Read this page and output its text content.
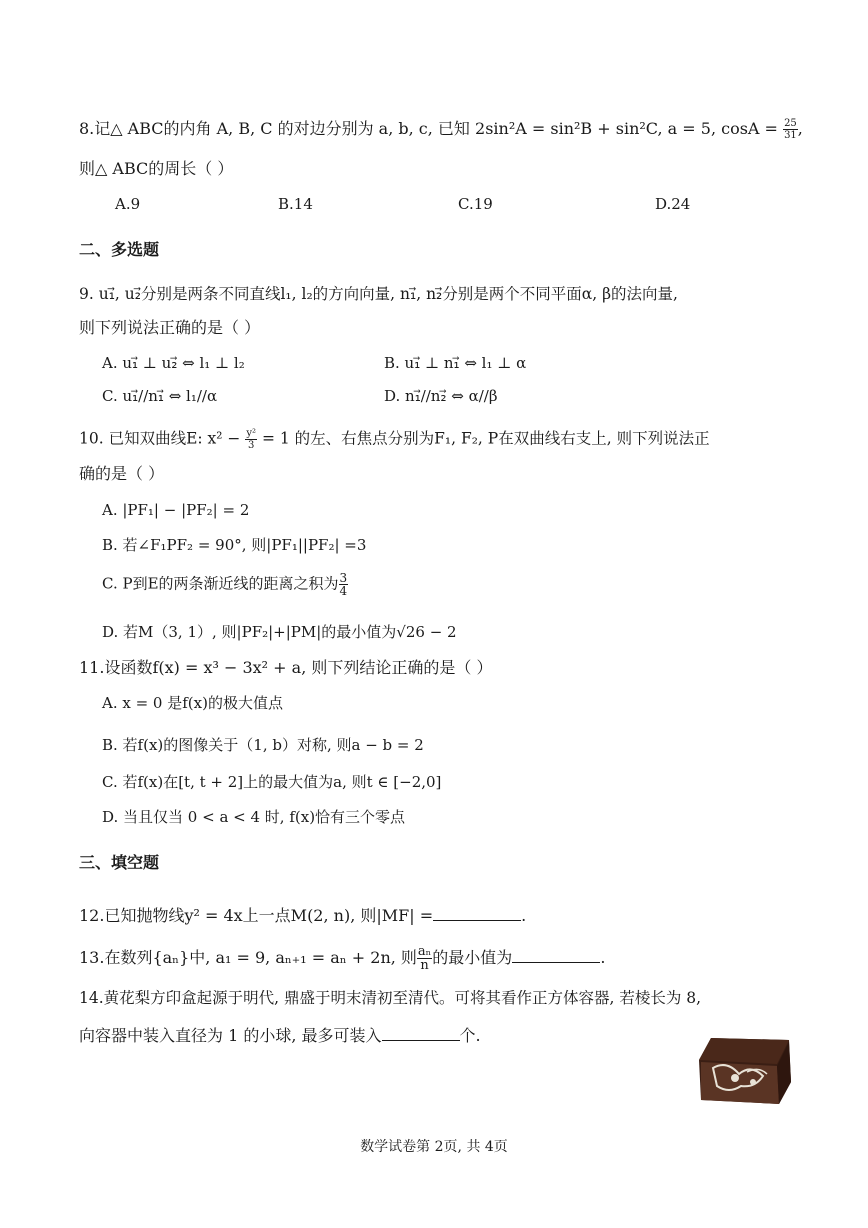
8.记△ ABC的内角 A, B, C 的对边分别为 a, b, c, 已知 2sin²A = sin²B + sin²C, a = 5, $\cos A = \frac{25}{31}$ ,
则△ ABC的周长（ ）
A.9	B.14	C.19	D.24
二、多选题
9. u₁⃗, u₂⃗分别是两条不同直线l₁, l₂的方向向量, n₁⃗, n₂⃗分别是两个不同平面α, β的法向量,
则下列说法正确的是（ ）
A. u₁⃗ ⊥ u₂⃗ ⇔ l₁ ⊥ l₂	B. u₁⃗ ⊥ n₁⃗ ⇔ l₁ ⊥ α
C. u₁⃗//n₁⃗ ⇔ l₁//α	D. n₁⃗//n₂⃗ ⇔ α//β
10. 已知双曲线E: $x^2 - \frac{\text{y²}}{3} = 1$ 的左、右焦点分别为F₁, F₂, P在双曲线右支上, 则下列说法正
确的是（ ）
A. |PF₁| − |PF₂| = 2
B. 若∠F₁PF₂ = 90°, 则|PF₁||PF₂| =3
C. P到E的两条渐近线的距离之积为 $\frac{3}{4}$
D. 若M（3, 1）, 则|PF₂|+|PM|的最小值为√26 − 2
11.设函数f(x) = x³ − 3x² + a, 则下列结论正确的是（ ）
A. x = 0 是f(x)的极大值点
B. 若f(x)的图像关于（1, b）对称, 则a − b = 2
C. 若f(x)在[t, t + 2]上的最大值为a, 则t ∈ [−2,0]
D. 当且仅当 0 < a < 4 时, f(x)恰有三个零点
三、填空题
12.已知抛物线y² = 4x上一点M(2, n), 则|MF| =	.
13.在数列{aₙ}中, a₁ = 9, aₙ₊₁ = aₙ + 2n, 则 $\frac{\text{aₙ}}{n}$ 的最小值为	.
14.黄花梨方印盒起源于明代, 鼎盛于明末清初至清代。可将其看作正方体容器, 若棱长为 8,
向容器中装入直径为 1 的小球, 最多可装入	个.
数学试卷第 2页, 共 4页
